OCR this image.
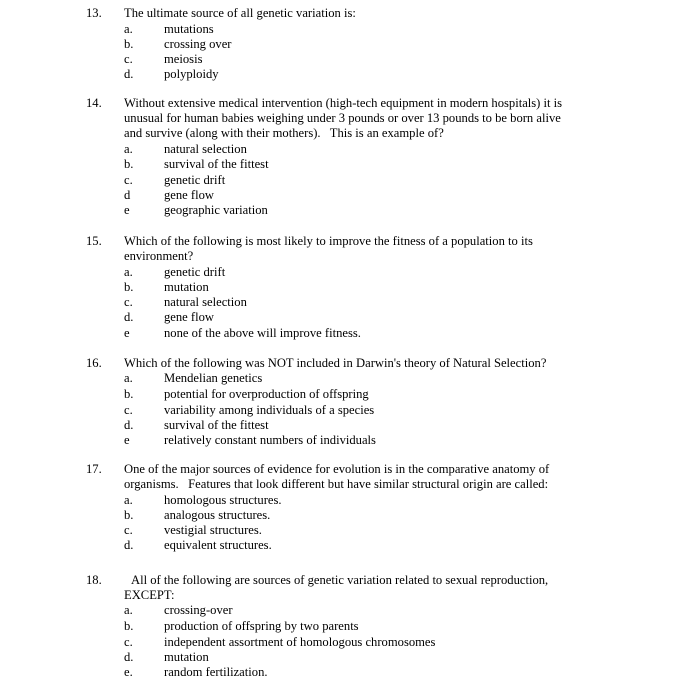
13. The ultimate source of all genetic variation is:
a. mutations
b. crossing over
c. meiosis
d. polyploidy
14. Without extensive medical intervention (high-tech equipment in modern hospitals) it is
unusual for human babies weighing under 3 pounds or over 13 pounds to be born alive
and survive (along with their mothers).   This is an example of?
a. natural selection
b. survival of the fittest
c. genetic drift
d	gene flow
e	geographic variation
15. Which of the following is most likely to improve the fitness of a population to its
environment?
a. genetic drift
b. mutation
c. natural selection
d. gene flow
e	none of the above will improve fitness.
16. Which of the following was NOT included in Darwin's theory of Natural Selection?
a. Mendelian genetics
b. potential for overproduction of offspring
c. variability among individuals of a species
d. survival of the fittest
e	relatively constant numbers of individuals
17. One of the major sources of evidence for evolution is in the comparative anatomy of
organisms.   Features that look different but have similar structural origin are called:
a. homologous structures.
b. analogous structures.
c. vestigial structures.
d. equivalent structures.
18. All of the following are sources of genetic variation related to sexual reproduction,
EXCEPT:
a. crossing-over
b. production of offspring by two parents
c. independent assortment of homologous chromosomes
d. mutation
e. random fertilization.
